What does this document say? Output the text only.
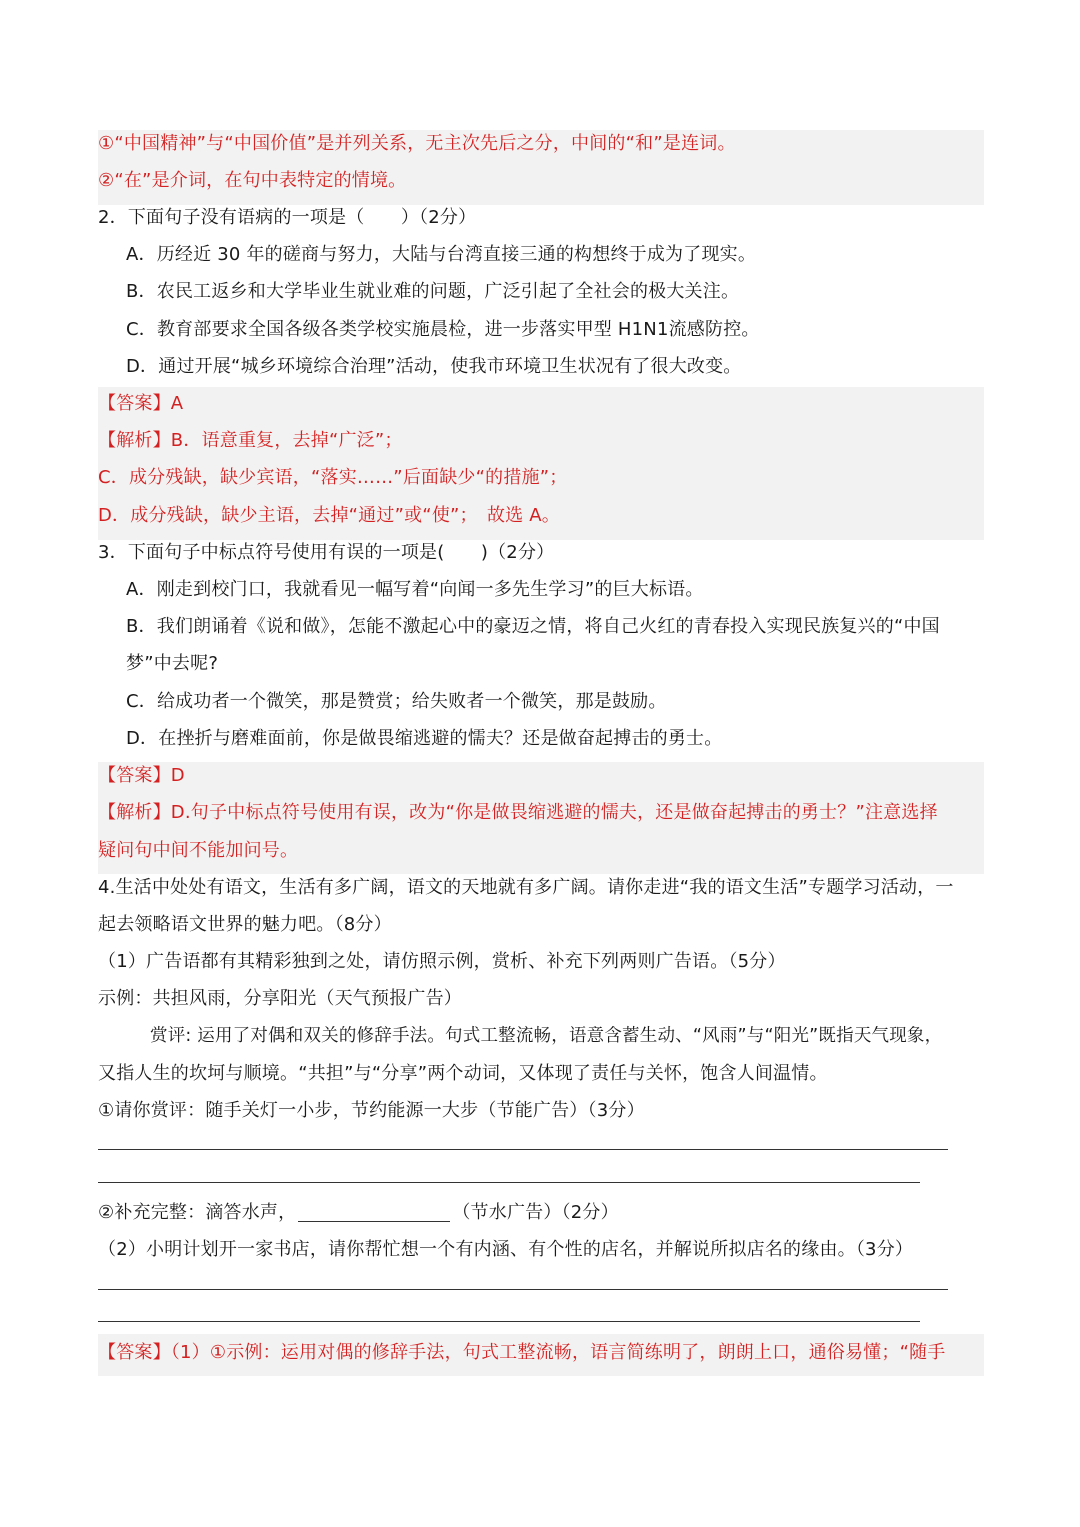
①“中国精神”与“中国价值”是并列关系，无主次先后之分，中间的“和”是连词。
②“在”是介词，在句中表特定的情境。
2．下面句子没有语病的一项是（　　）（2分）
A．历经近 30 年的磋商与努力，大陆与台湾直接三通的构想终于成为了现实。
B．农民工返乡和大学毕业生就业难的问题，广泛引起了全社会的极大关注。
C．教育部要求全国各级各类学校实施晨检，进一步落实甲型 H1N1流感防控。
D．通过开展“城乡环境综合治理”活动，使我市环境卫生状况有了很大改变。
【答案】A
【解析】B．语意重复，去掉“广泛”；
C．成分残缺，缺少宾语，“落实……”后面缺少“的措施”；
D．成分残缺，缺少主语，去掉“通过”或“使”；　故选 A。
3．下面句子中标点符号使用有误的一项是(　　)（2分）
A．刚走到校门口，我就看见一幅写着“向闻一多先生学习”的巨大标语。
B．我们朗诵着《说和做》，怎能不激起心中的豪迈之情，将自己火红的青春投入实现民族复兴的“中国
梦”中去呢?
C．给成功者一个微笑，那是赞赏；给失败者一个微笑，那是鼓励。
D．在挫折与磨难面前，你是做畏缩逃避的懦夫？还是做奋起搏击的勇士。
【答案】D
【解析】D.句子中标点符号使用有误，改为“你是做畏缩逃避的懦夫，还是做奋起搏击的勇士？”注意选择
疑问句中间不能加问号。
4.生活中处处有语文，生活有多广阔，语文的天地就有多广阔。请你走进“我的语文生活”专题学习活动，一
起去领略语文世界的魅力吧。（8分）
（1）广告语都有其精彩独到之处，请仿照示例，赏析、补充下列两则广告语。（5分）
示例：共担风雨，分享阳光（天气预报广告）
赏评: 运用了对偶和双关的修辞手法。句式工整流畅，语意含蓄生动、“风雨”与“阳光”既指天气现象，
又指人生的坎坷与顺境。“共担”与“分享”两个动词，又体现了责任与关怀，饱含人间温情。
①请你赏评：随手关灯一小步，节约能源一大步（节能广告）（3分）
②补充完整：滴答水声，	（节水广告）（2分）
（2）小明计划开一家书店，请你帮忙想一个有内涵、有个性的店名，并解说所拟店名的缘由。（3分）
【答案】（1）①示例：运用对偶的修辞手法，句式工整流畅，语言简练明了，朗朗上口，通俗易懂；“随手
